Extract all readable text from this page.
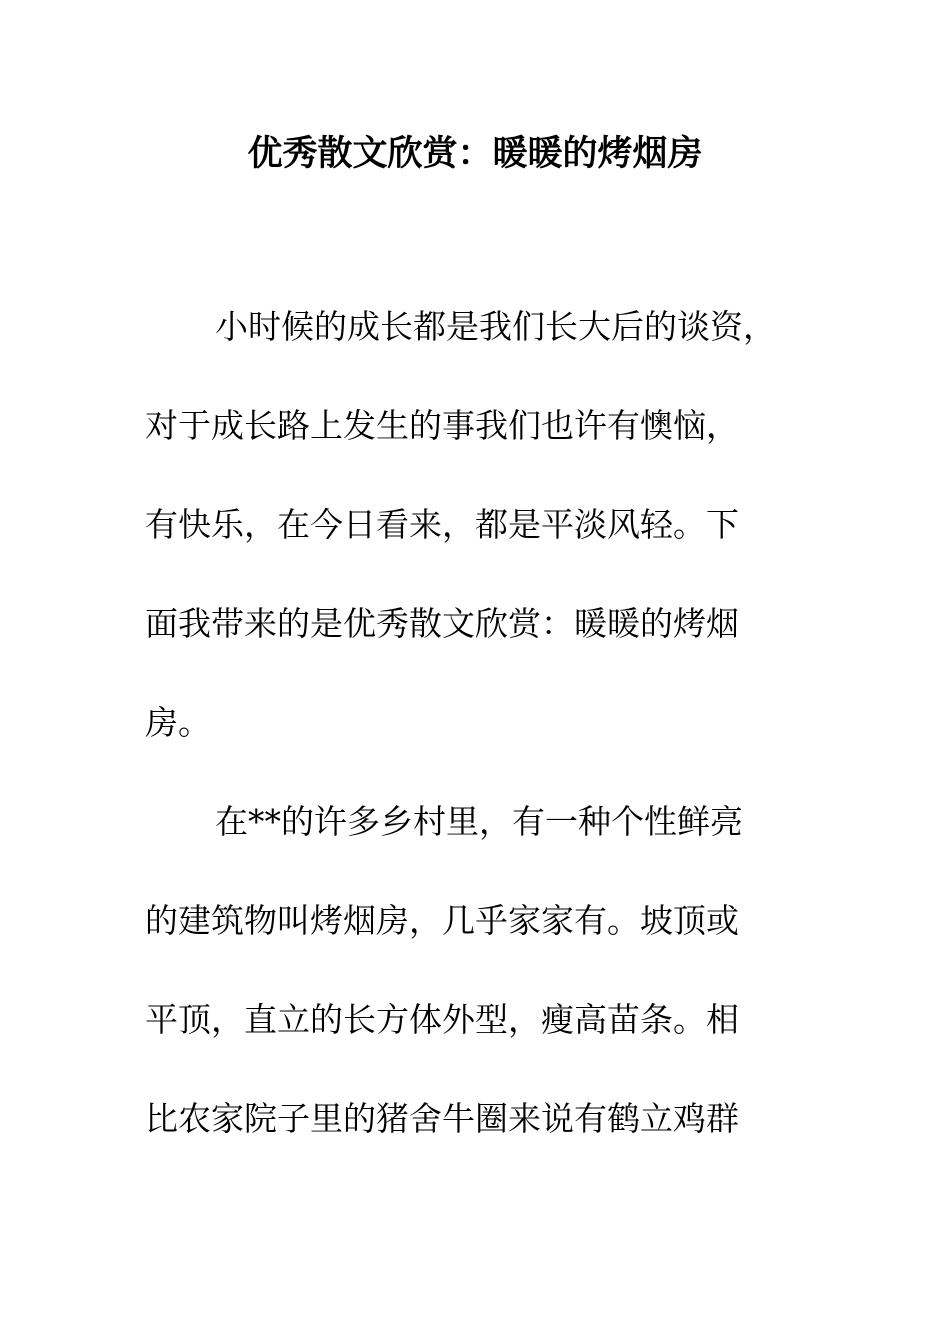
优秀散文欣赏：暖暖的烤烟房
小时候的成长都是我们长大后的谈资，
对于成长路上发生的事我们也许有懊恼，
有快乐，在今日看来，都是平淡风轻。下
面我带来的是优秀散文欣赏：暖暖的烤烟
房。
在**的许多乡村里，有一种个性鲜亮
的建筑物叫烤烟房，几乎家家有。坡顶或
平顶，直立的长方体外型，瘦高苗条。相
比农家院子里的猪舍牛圈来说有鹤立鸡群
